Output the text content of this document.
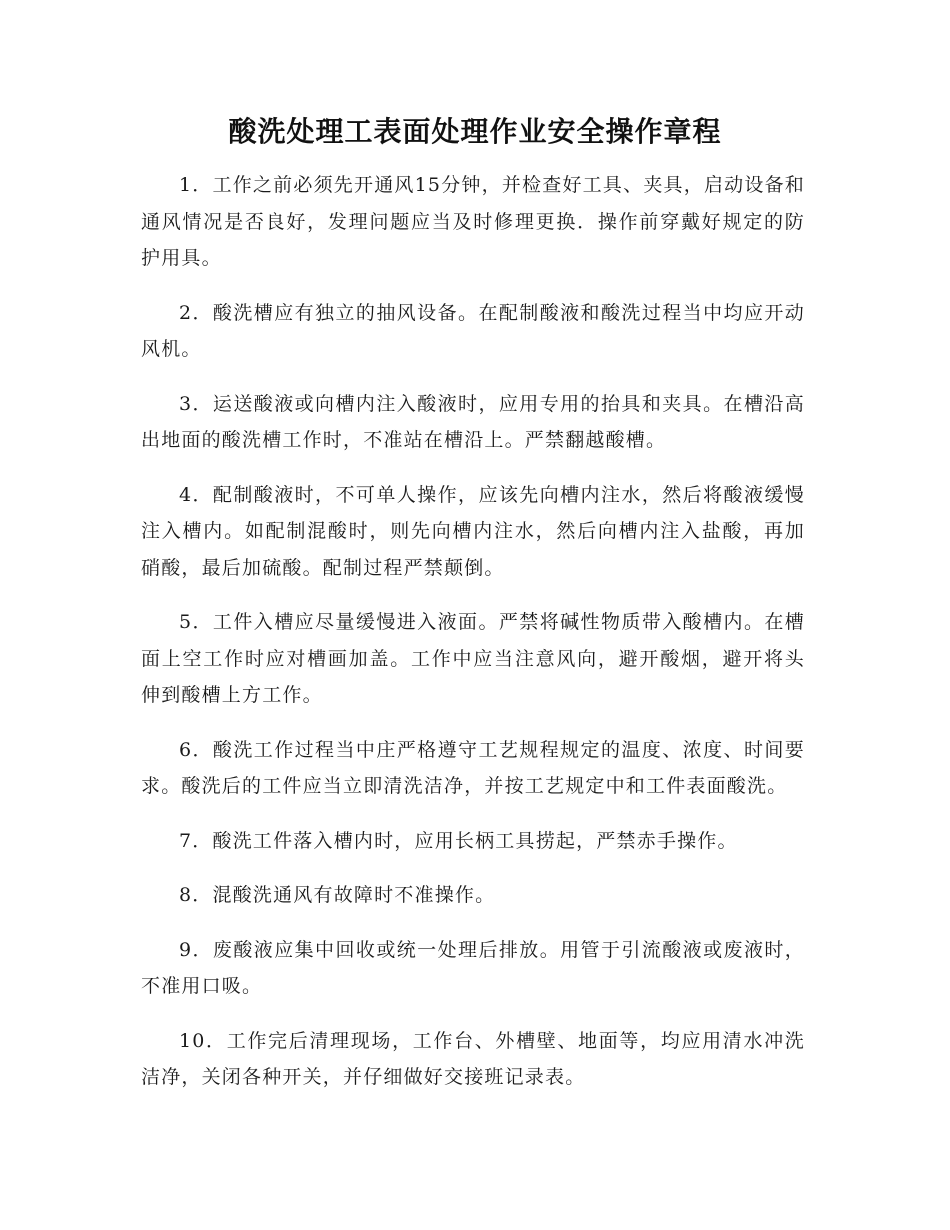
酸洗处理工表面处理作业安全操作章程

1．工作之前必须先开通风15分钟，并检查好工具、夹具，启动设备和通风情况是否良好，发理问题应当及时修理更换．操作前穿戴好规定的防护用具。

2．酸洗槽应有独立的抽风设备。在配制酸液和酸洗过程当中均应开动风机。

3．运送酸液或向槽内注入酸液时，应用专用的抬具和夹具。在槽沿高出地面的酸洗槽工作时，不准站在槽沿上。严禁翻越酸槽。

4．配制酸液时，不可单人操作，应该先向槽内注水，然后将酸液缓慢注入槽内。如配制混酸时，则先向槽内注水，然后向槽内注入盐酸，再加硝酸，最后加硫酸。配制过程严禁颠倒。

5．工件入槽应尽量缓慢进入液面。严禁将碱性物质带入酸槽内。在槽面上空工作时应对槽画加盖。工作中应当注意风向，避开酸烟，避开将头伸到酸槽上方工作。

6．酸洗工作过程当中庄严格遵守工艺规程规定的温度、浓度、时间要求。酸洗后的工件应当立即清洗洁净，并按工艺规定中和工件表面酸洗。

7．酸洗工件落入槽内时，应用长柄工具捞起，严禁赤手操作。

8．混酸洗通风有故障时不准操作。

9．废酸液应集中回收或统一处理后排放。用管于引流酸液或废液时，不准用口吸。

10．工作完后清理现场，工作台、外槽壁、地面等，均应用清水冲洗洁净，关闭各种开关，并仔细做好交接班记录表。
